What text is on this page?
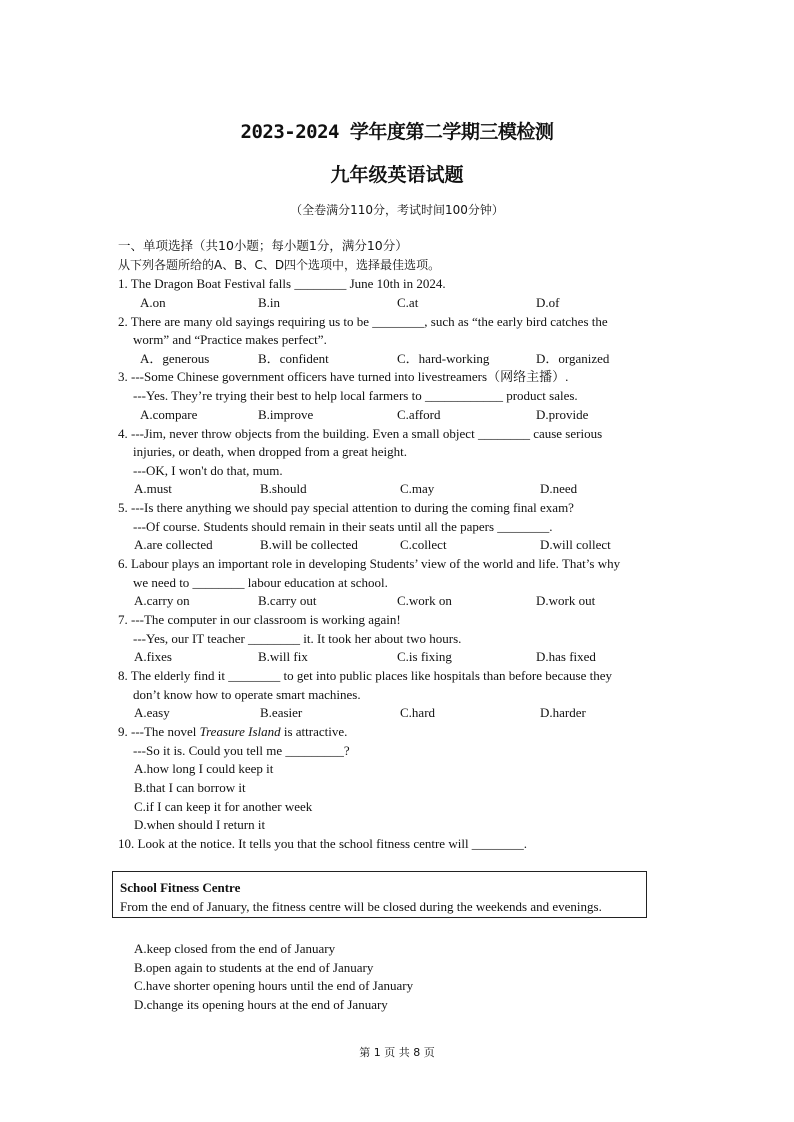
2023-2024 学年度第二学期三模检测
九年级英语试题
（全卷满分110分，考试时间100分钟）
一、单项选择（共10小题；每小题1分，满分10分）
从下列各题所给的A、B、C、D四个选项中，选择最佳选项。
1. The Dragon Boat Festival falls ________ June 10th in 2024.
A.on	B.in	C.at	D.of
2. There are many old sayings requiring us to be ________, such as “the early bird catches the
worm” and “Practice makes perfect”.
A．generous	B．confident	C．hard-working	D．organized
3. ---Some Chinese government officers have turned into livestreamers（网络主播）.
---Yes. They’re trying their best to help local farmers to ____________ product sales.
A.compare	B.improve	C.afford	D.provide
4. ---Jim, never throw objects from the building. Even a small object ________ cause serious
injuries, or death, when dropped from a great height.
---OK, I won't do that, mum.
A.must	B.should	C.may	D.need
5. ---Is there anything we should pay special attention to during the coming final exam?
---Of course. Students should remain in their seats until all the papers ________.
A.are collected	B.will be collected	C.collect	D.will collect
6. Labour plays an important role in developing Students’ view of the world and life. That’s why
we need to ________ labour education at school.
A.carry on	B.carry out	C.work on	D.work out
7. ---The computer in our classroom is working again!
---Yes, our IT teacher ________ it. It took her about two hours.
A.fixes	B.will fix	C.is fixing	D.has fixed
8. The elderly find it ________ to get into public places like hospitals than before because they
don’t know how to operate smart machines.
A.easy	B.easier	C.hard	D.harder
9. ---The novel Treasure Island is attractive.
---So it is. Could you tell me _________?
A.how long I could keep it
B.that I can borrow it
C.if I can keep it for another week
D.when should I return it
10. Look at the notice. It tells you that the school fitness centre will ________.
School Fitness Centre
From the end of January, the fitness centre will be closed during the weekends and evenings.
A.keep closed from the end of January
B.open again to students at the end of January
C.have shorter opening hours until the end of January
D.change its opening hours at the end of January
第 1 页 共 8 页
